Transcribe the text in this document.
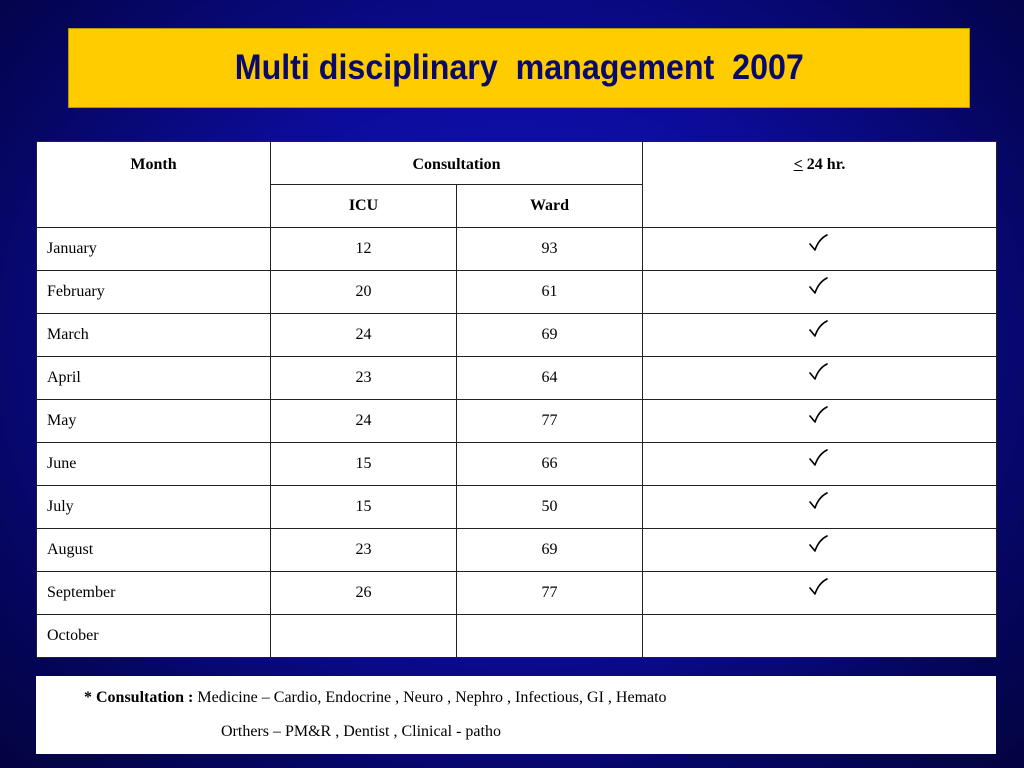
Multi disciplinary  management  2007
Month	Consultation		≤ 24 hr.
	ICU	Ward	
January	12	93	
February	20	61	
March	24	69	
April	23	64	
May	24	77	
June	15	66	
July	15	50	
August	23	69	
September	26	77	
October			
* Consultation : Medicine – Cardio, Endocrine , Neuro , Nephro , Infectious, GI , Hemato
Orthers – PM&R , Dentist , Clinical - patho
